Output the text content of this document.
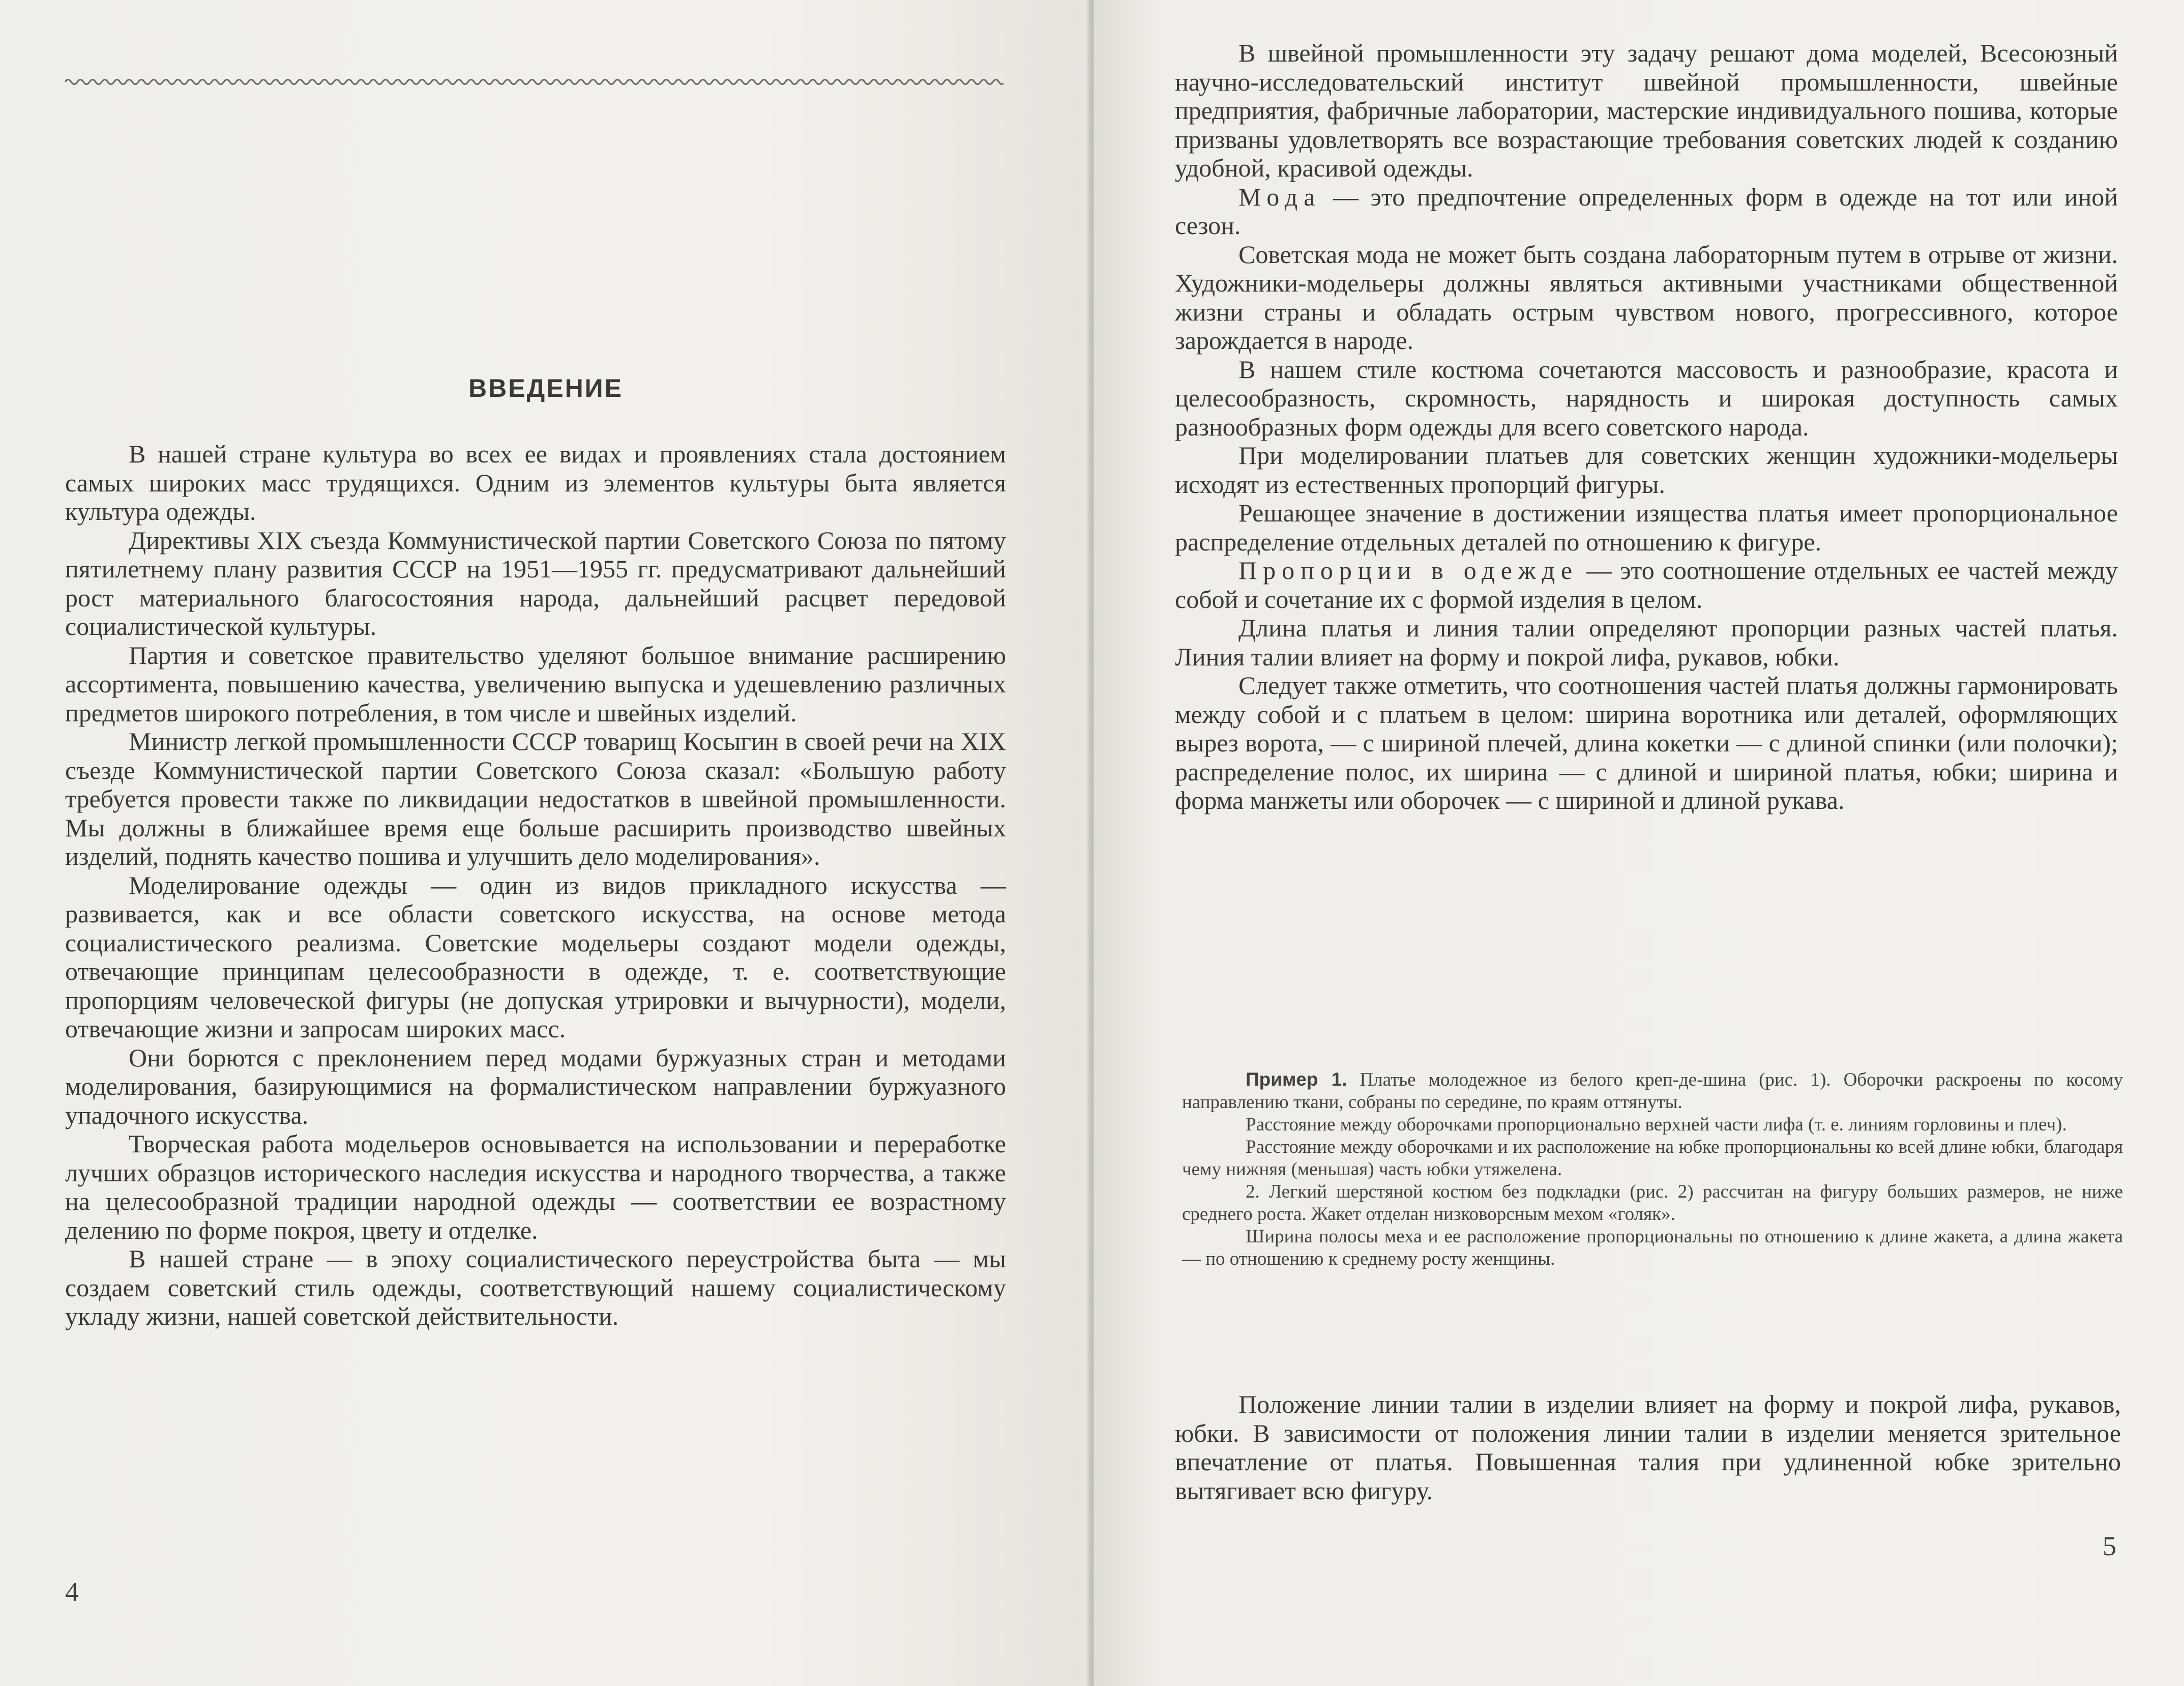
ВВЕДЕНИЕ

В нашей стране культура во всех ее видах и проявлениях стала достоянием самых широких масс трудящихся. Одним из элементов культуры быта является культура одежды.

Директивы XIX съезда Коммунистической партии Советского Союза по пятому пятилетнему плану развития СССР на 1951—1955 гг. предусматривают дальнейший рост материального благосостояния народа, дальнейший расцвет передовой социалистической культуры.

Партия и советское правительство уделяют большое внимание расширению ассортимента, повышению качества, увеличению выпуска и удешевлению различных предметов широкого потребления, в том числе и швейных изделий.

Министр легкой промышленности СССР товарищ Косыгин в своей речи на XIX съезде Коммунистической партии Советского Союза сказал: «Большую работу требуется провести также по ликвидации недостатков в швейной промышленности. Мы должны в ближайшее время еще больше расширить производство швейных изделий, поднять качество пошива и улучшить дело моделирования».

Моделирование одежды — один из видов прикладного искусства — развивается, как и все области советского искусства, на основе метода социалистического реализма. Советские модельеры создают модели одежды, отвечающие принципам целесообразности в одежде, т. е. соответствующие пропорциям человеческой фигуры (не допуская утрировки и вычурности), модели, отвечающие жизни и запросам широких масс.

Они борются с преклонением перед модами буржуазных стран и методами моделирования, базирующимися на формалистическом направлении буржуазного упадочного искусства.

Творческая работа модельеров основывается на использовании и переработке лучших образцов исторического наследия искусства и народного творчества, а также на целесообразной традиции народной одежды — соответствии ее возрастному делению по форме покроя, цвету и отделке.

В нашей стране — в эпоху социалистического переустройства быта — мы создаем советский стиль одежды, соответствующий нашему социалистическому укладу жизни, нашей советской действительности.

4

В швейной промышленности эту задачу решают дома моделей, Всесоюзный научно-исследовательский институт швейной промышленности, швейные предприятия, фабричные лаборатории, мастерские индивидуального пошива, которые призваны удовлетворять все возрастающие требования советских людей к созданию удобной, красивой одежды.

Мода — это предпочтение определенных форм в одежде на тот или иной сезон.

Советская мода не может быть создана лабораторным путем в отрыве от жизни. Художники-модельеры должны являться активными участниками общественной жизни страны и обладать острым чувством нового, прогрессивного, которое зарождается в народе.

В нашем стиле костюма сочетаются массовость и разнообразие, красота и целесообразность, скромность, нарядность и широкая доступность самых разнообразных форм одежды для всего советского народа.

При моделировании платьев для советских женщин художники-модельеры исходят из естественных пропорций фигуры.

Решающее значение в достижении изящества платья имеет пропорциональное распределение отдельных деталей по отношению к фигуре.

Пропорции в одежде — это соотношение отдельных ее частей между собой и сочетание их с формой изделия в целом.

Длина платья и линия талии определяют пропорции разных частей платья. Линия талии влияет на форму и покрой лифа, рукавов, юбки.

Следует также отметить, что соотношения частей платья должны гармонировать между собой и с платьем в целом: ширина воротника или деталей, оформляющих вырез ворота, — с шириной плечей, длина кокетки — с длиной спинки (или полочки); распределение полос, их ширина — с длиной и шириной платья, юбки; ширина и форма манжеты или оборочек — с шириной и длиной рукава.

Пример 1. Платье молодежное из белого креп-де-шина (рис. 1). Оборочки раскроены по косому направлению ткани, собраны по середине, по краям оттянуты.

Расстояние между оборочками пропорционально верхней части лифа (т. е. линиям горловины и плеч).

Расстояние между оборочками и их расположение на юбке пропорциональны ко всей длине юбки, благодаря чему нижняя (меньшая) часть юбки утяжелена.

2. Легкий шерстяной костюм без подкладки (рис. 2) рассчитан на фигуру больших размеров, не ниже среднего роста. Жакет отделан низковорсным мехом «голяк».

Ширина полосы меха и ее расположение пропорциональны по отношению к длине жакета, а длина жакета — по отношению к среднему росту женщины.

Положение линии талии в изделии влияет на форму и покрой лифа, рукавов, юбки. В зависимости от положения линии талии в изделии меняется зрительное впечатление от платья. Повышенная талия при удлиненной юбке зрительно вытягивает всю фигуру.

5
